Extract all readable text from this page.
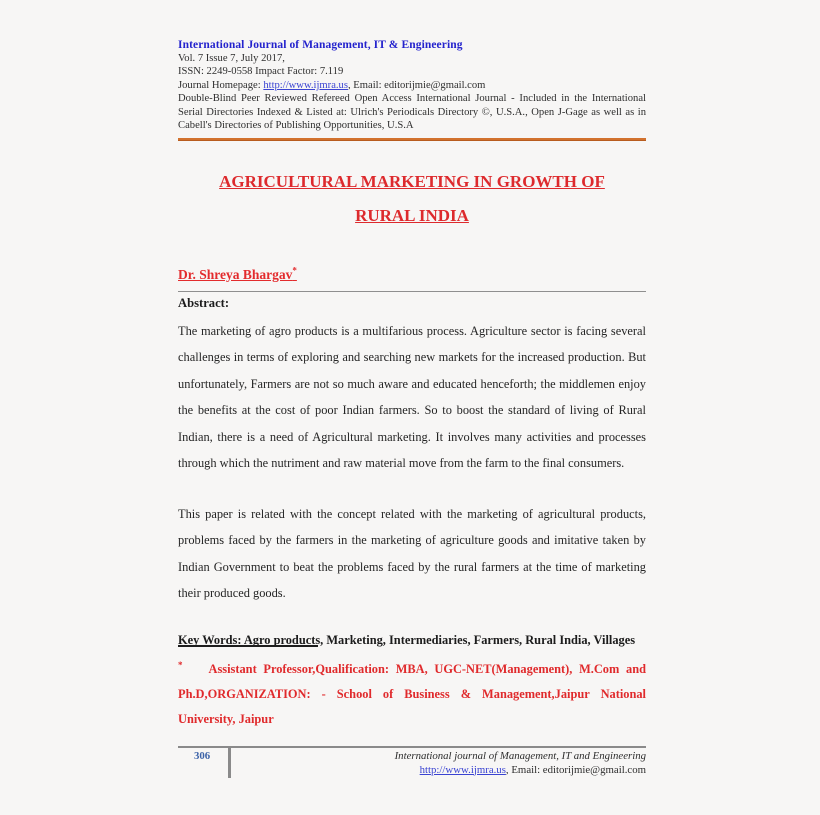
International Journal of Management, IT & Engineering
Vol. 7 Issue 7, July 2017,
ISSN: 2249-0558 Impact Factor: 7.119
Journal Homepage: http://www.ijmra.us, Email: editorijmie@gmail.com
Double-Blind Peer Reviewed Refereed Open Access International Journal - Included in the International Serial Directories Indexed & Listed at: Ulrich's Periodicals Directory ©, U.S.A., Open J-Gage as well as in Cabell's Directories of Publishing Opportunities, U.S.A
AGRICULTURAL MARKETING IN GROWTH OF
RURAL INDIA
Dr. Shreya Bhargav*
Abstract:
The marketing of agro products is a multifarious process. Agriculture sector is facing several challenges in terms of exploring and searching new markets for the increased production. But unfortunately, Farmers are not so much aware and educated henceforth; the middlemen enjoy the benefits at the cost of poor Indian farmers. So to boost the standard of living of Rural Indian, there is a need of Agricultural marketing. It involves many activities and processes through which the nutriment and raw material move from the farm to the final consumers.
This paper is related with the concept related with the marketing of agricultural products, problems faced by the farmers in the marketing of agriculture goods and imitative taken by Indian Government to beat the problems faced by the rural farmers at the time of marketing their produced goods.
Key Words: Agro products, Marketing, Intermediaries, Farmers, Rural India, Villages
* Assistant Professor,Qualification: MBA, UGC-NET(Management), M.Com and Ph.D,ORGANIZATION: - School of Business & Management,Jaipur National University, Jaipur
306	International journal of Management, IT and Engineering
http://www.ijmra.us, Email: editorijmie@gmail.com
